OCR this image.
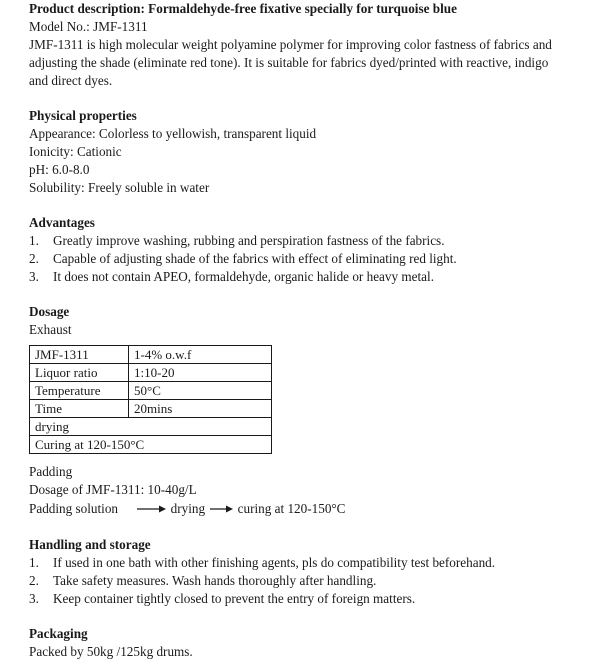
Product description: Formaldehyde-free fixative specially for turquoise blue
Model No.: JMF-1311
JMF-1311 is high molecular weight polyamine polymer for improving color fastness of fabrics and
adjusting the shade (eliminate red tone). It is suitable for fabrics dyed/printed with reactive, indigo
and direct dyes.
Physical properties
Appearance: Colorless to yellowish, transparent liquid
Ionicity: Cationic
pH: 6.0-8.0
Solubility: Freely soluble in water
Advantages
1. Greatly improve washing, rubbing and perspiration fastness of the fabrics.
2. Capable of adjusting shade of the fabrics with effect of eliminating red light.
3. It does not contain APEO, formaldehyde, organic halide or heavy metal.
Dosage
Exhaust
JMF-1311	1-4% o.w.f
Liquor ratio	1:10-20
Temperature	50°C
Time	20mins
drying	
Curing at 120-150°C	
Padding
Dosage of JMF-1311: 10-40g/L
Padding solution	drying curing at 120-150°C
Handling and storage
1. If used in one bath with other finishing agents, pls do compatibility test beforehand.
2. Take safety measures. Wash hands thoroughly after handling.
3. Keep container tightly closed to prevent the entry of foreign matters.
Packaging
Packed by 50kg /125kg drums.
